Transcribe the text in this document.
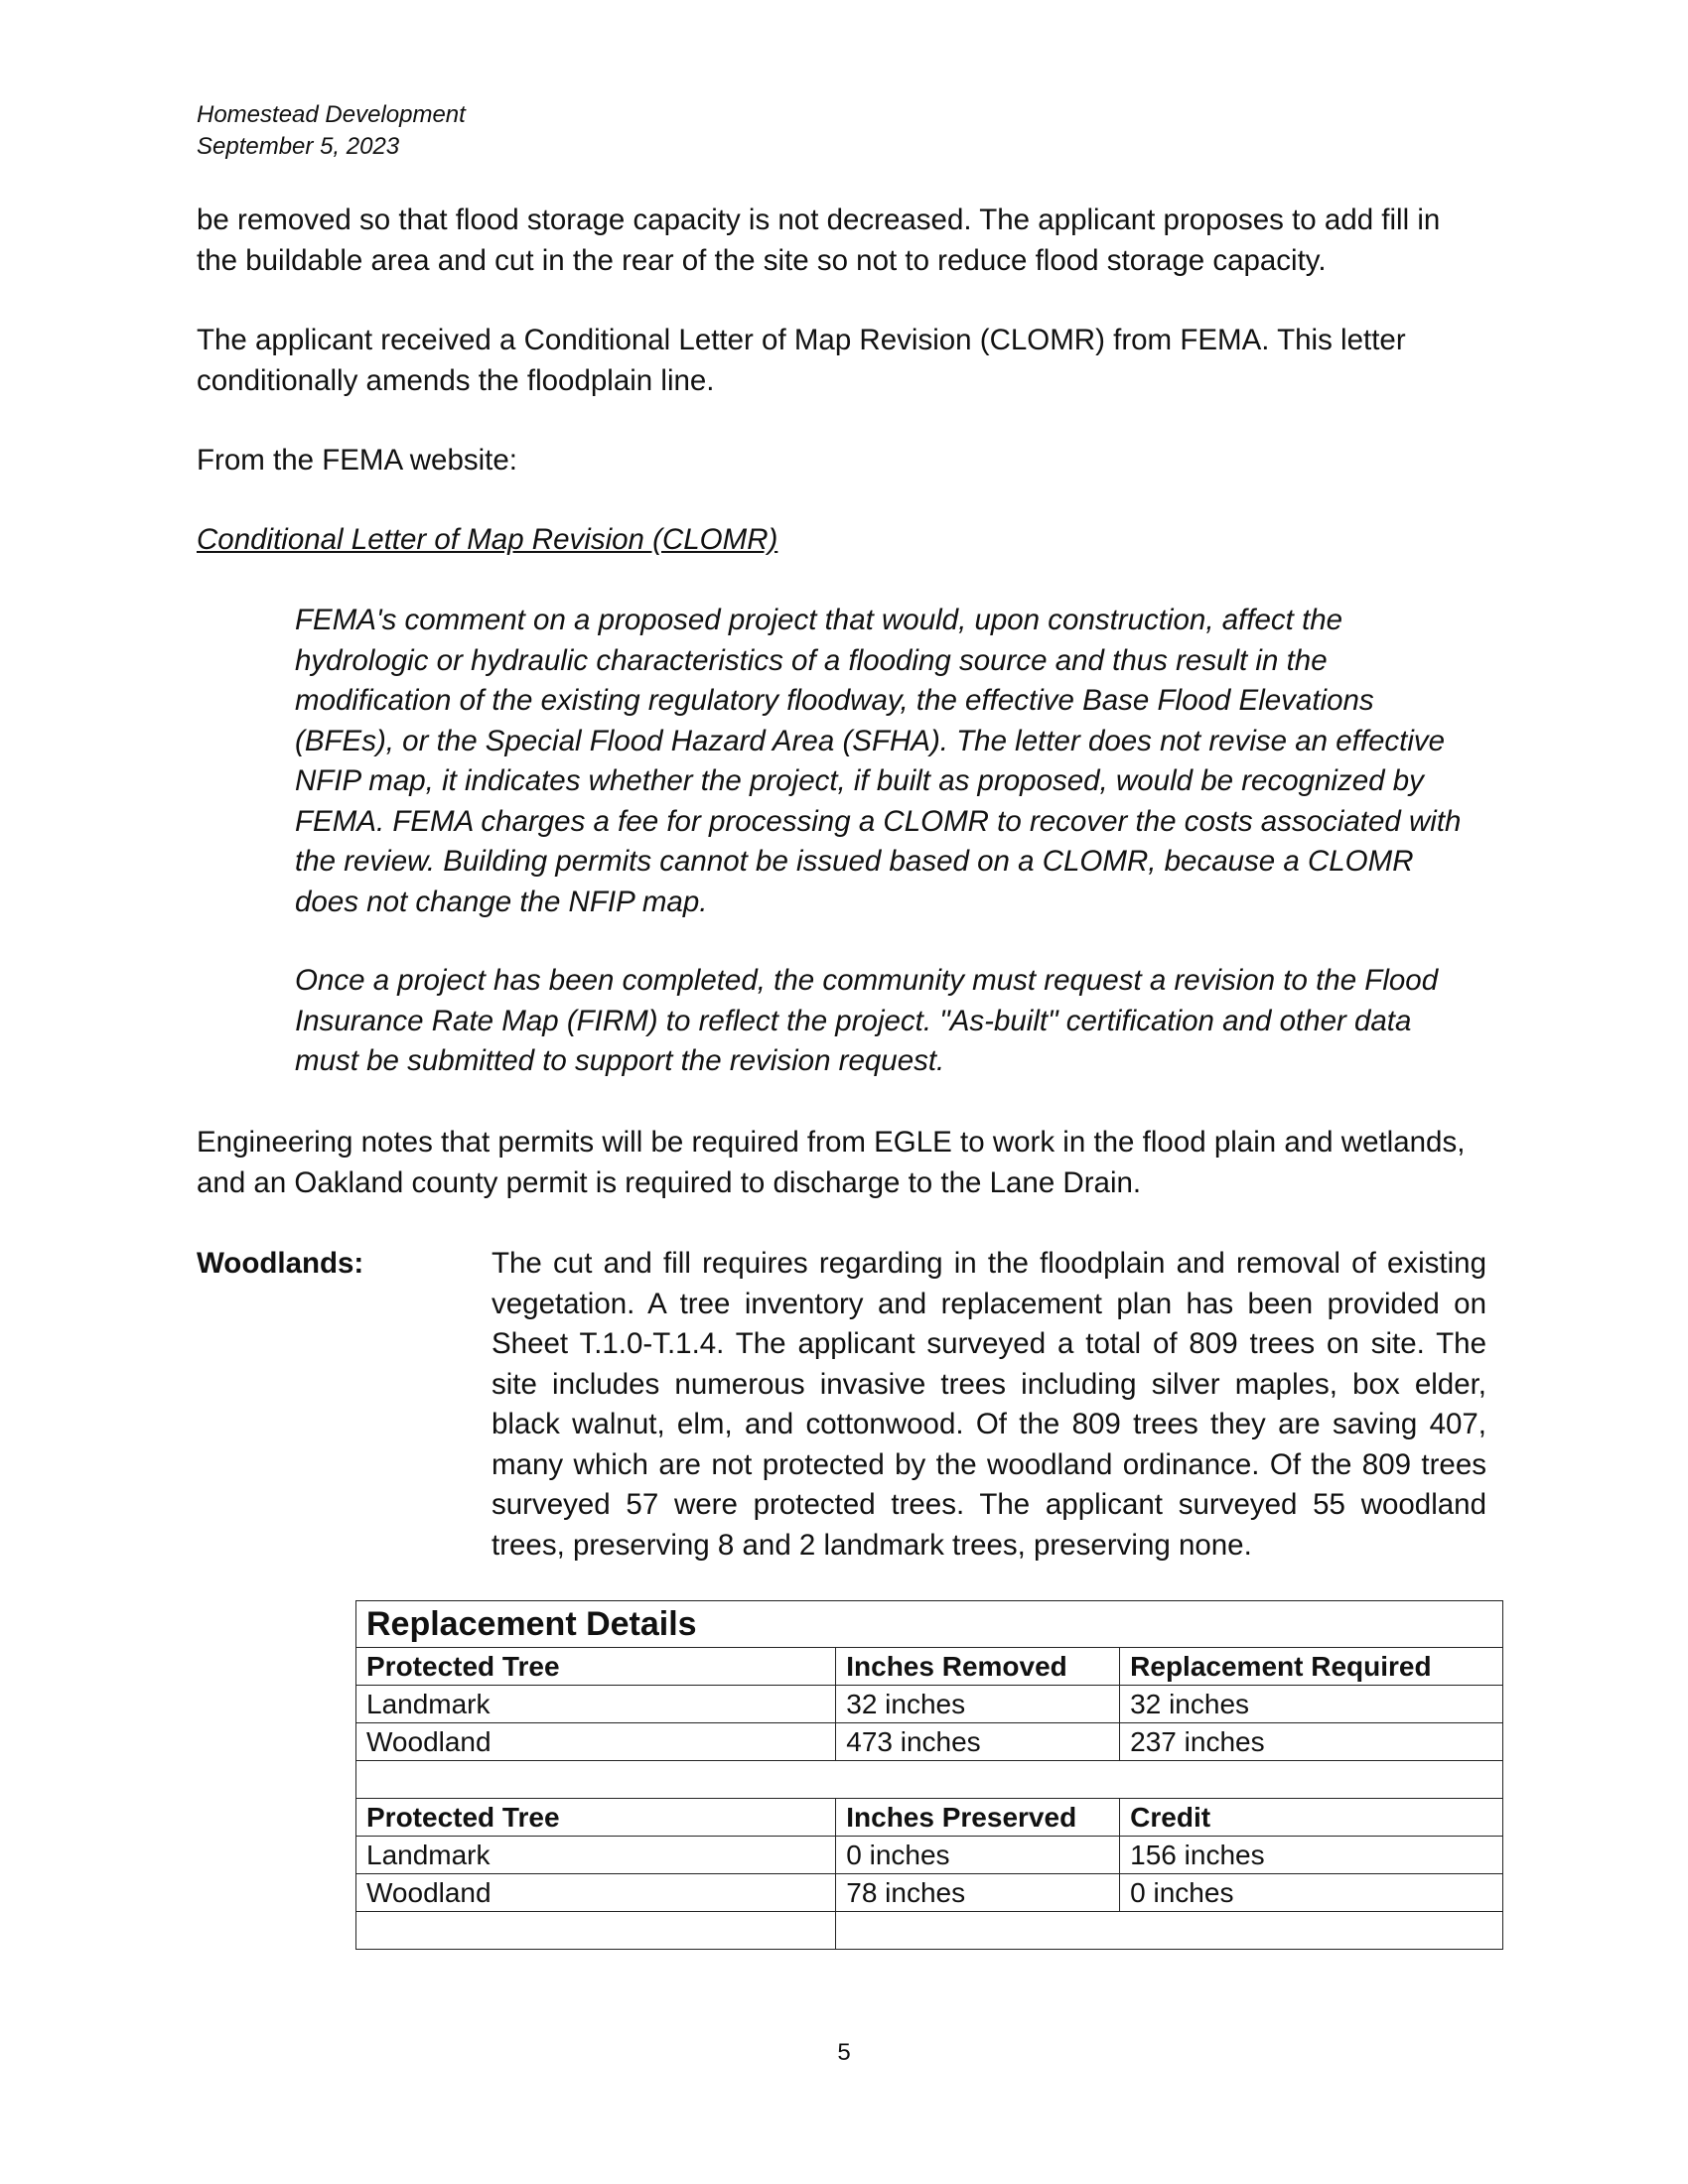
Homestead Development
September 5, 2023
be removed so that flood storage capacity is not decreased. The applicant proposes to add fill in the buildable area and cut in the rear of the site so not to reduce flood storage capacity.
The applicant received a Conditional Letter of Map Revision (CLOMR) from FEMA. This letter conditionally amends the floodplain line.
From the FEMA website:
Conditional Letter of Map Revision (CLOMR)
FEMA's comment on a proposed project that would, upon construction, affect the hydrologic or hydraulic characteristics of a flooding source and thus result in the modification of the existing regulatory floodway, the effective Base Flood Elevations (BFEs), or the Special Flood Hazard Area (SFHA). The letter does not revise an effective NFIP map, it indicates whether the project, if built as proposed, would be recognized by FEMA. FEMA charges a fee for processing a CLOMR to recover the costs associated with the review. Building permits cannot be issued based on a CLOMR, because a CLOMR does not change the NFIP map.
Once a project has been completed, the community must request a revision to the Flood Insurance Rate Map (FIRM) to reflect the project. "As-built" certification and other data must be submitted to support the revision request.
Engineering notes that permits will be required from EGLE to work in the flood plain and wetlands, and an Oakland county permit is required to discharge to the Lane Drain.
Woodlands:	The cut and fill requires regarding in the floodplain and removal of existing vegetation. A tree inventory and replacement plan has been provided on Sheet T.1.0-T.1.4. The applicant surveyed a total of 809 trees on site. The site includes numerous invasive trees including silver maples, box elder, black walnut, elm, and cottonwood. Of the 809 trees they are saving 407, many which are not protected by the woodland ordinance. Of the 809 trees surveyed 57 were protected trees. The applicant surveyed 55 woodland trees, preserving 8 and 2 landmark trees, preserving none.
Replacement Details		
Protected Tree	Inches Removed	Replacement Required
Landmark	32 inches	32 inches
Woodland	473 inches	237 inches

Protected Tree	Inches Preserved	Credit
Landmark	0 inches	156 inches
Woodland	78 inches	0 inches

5
